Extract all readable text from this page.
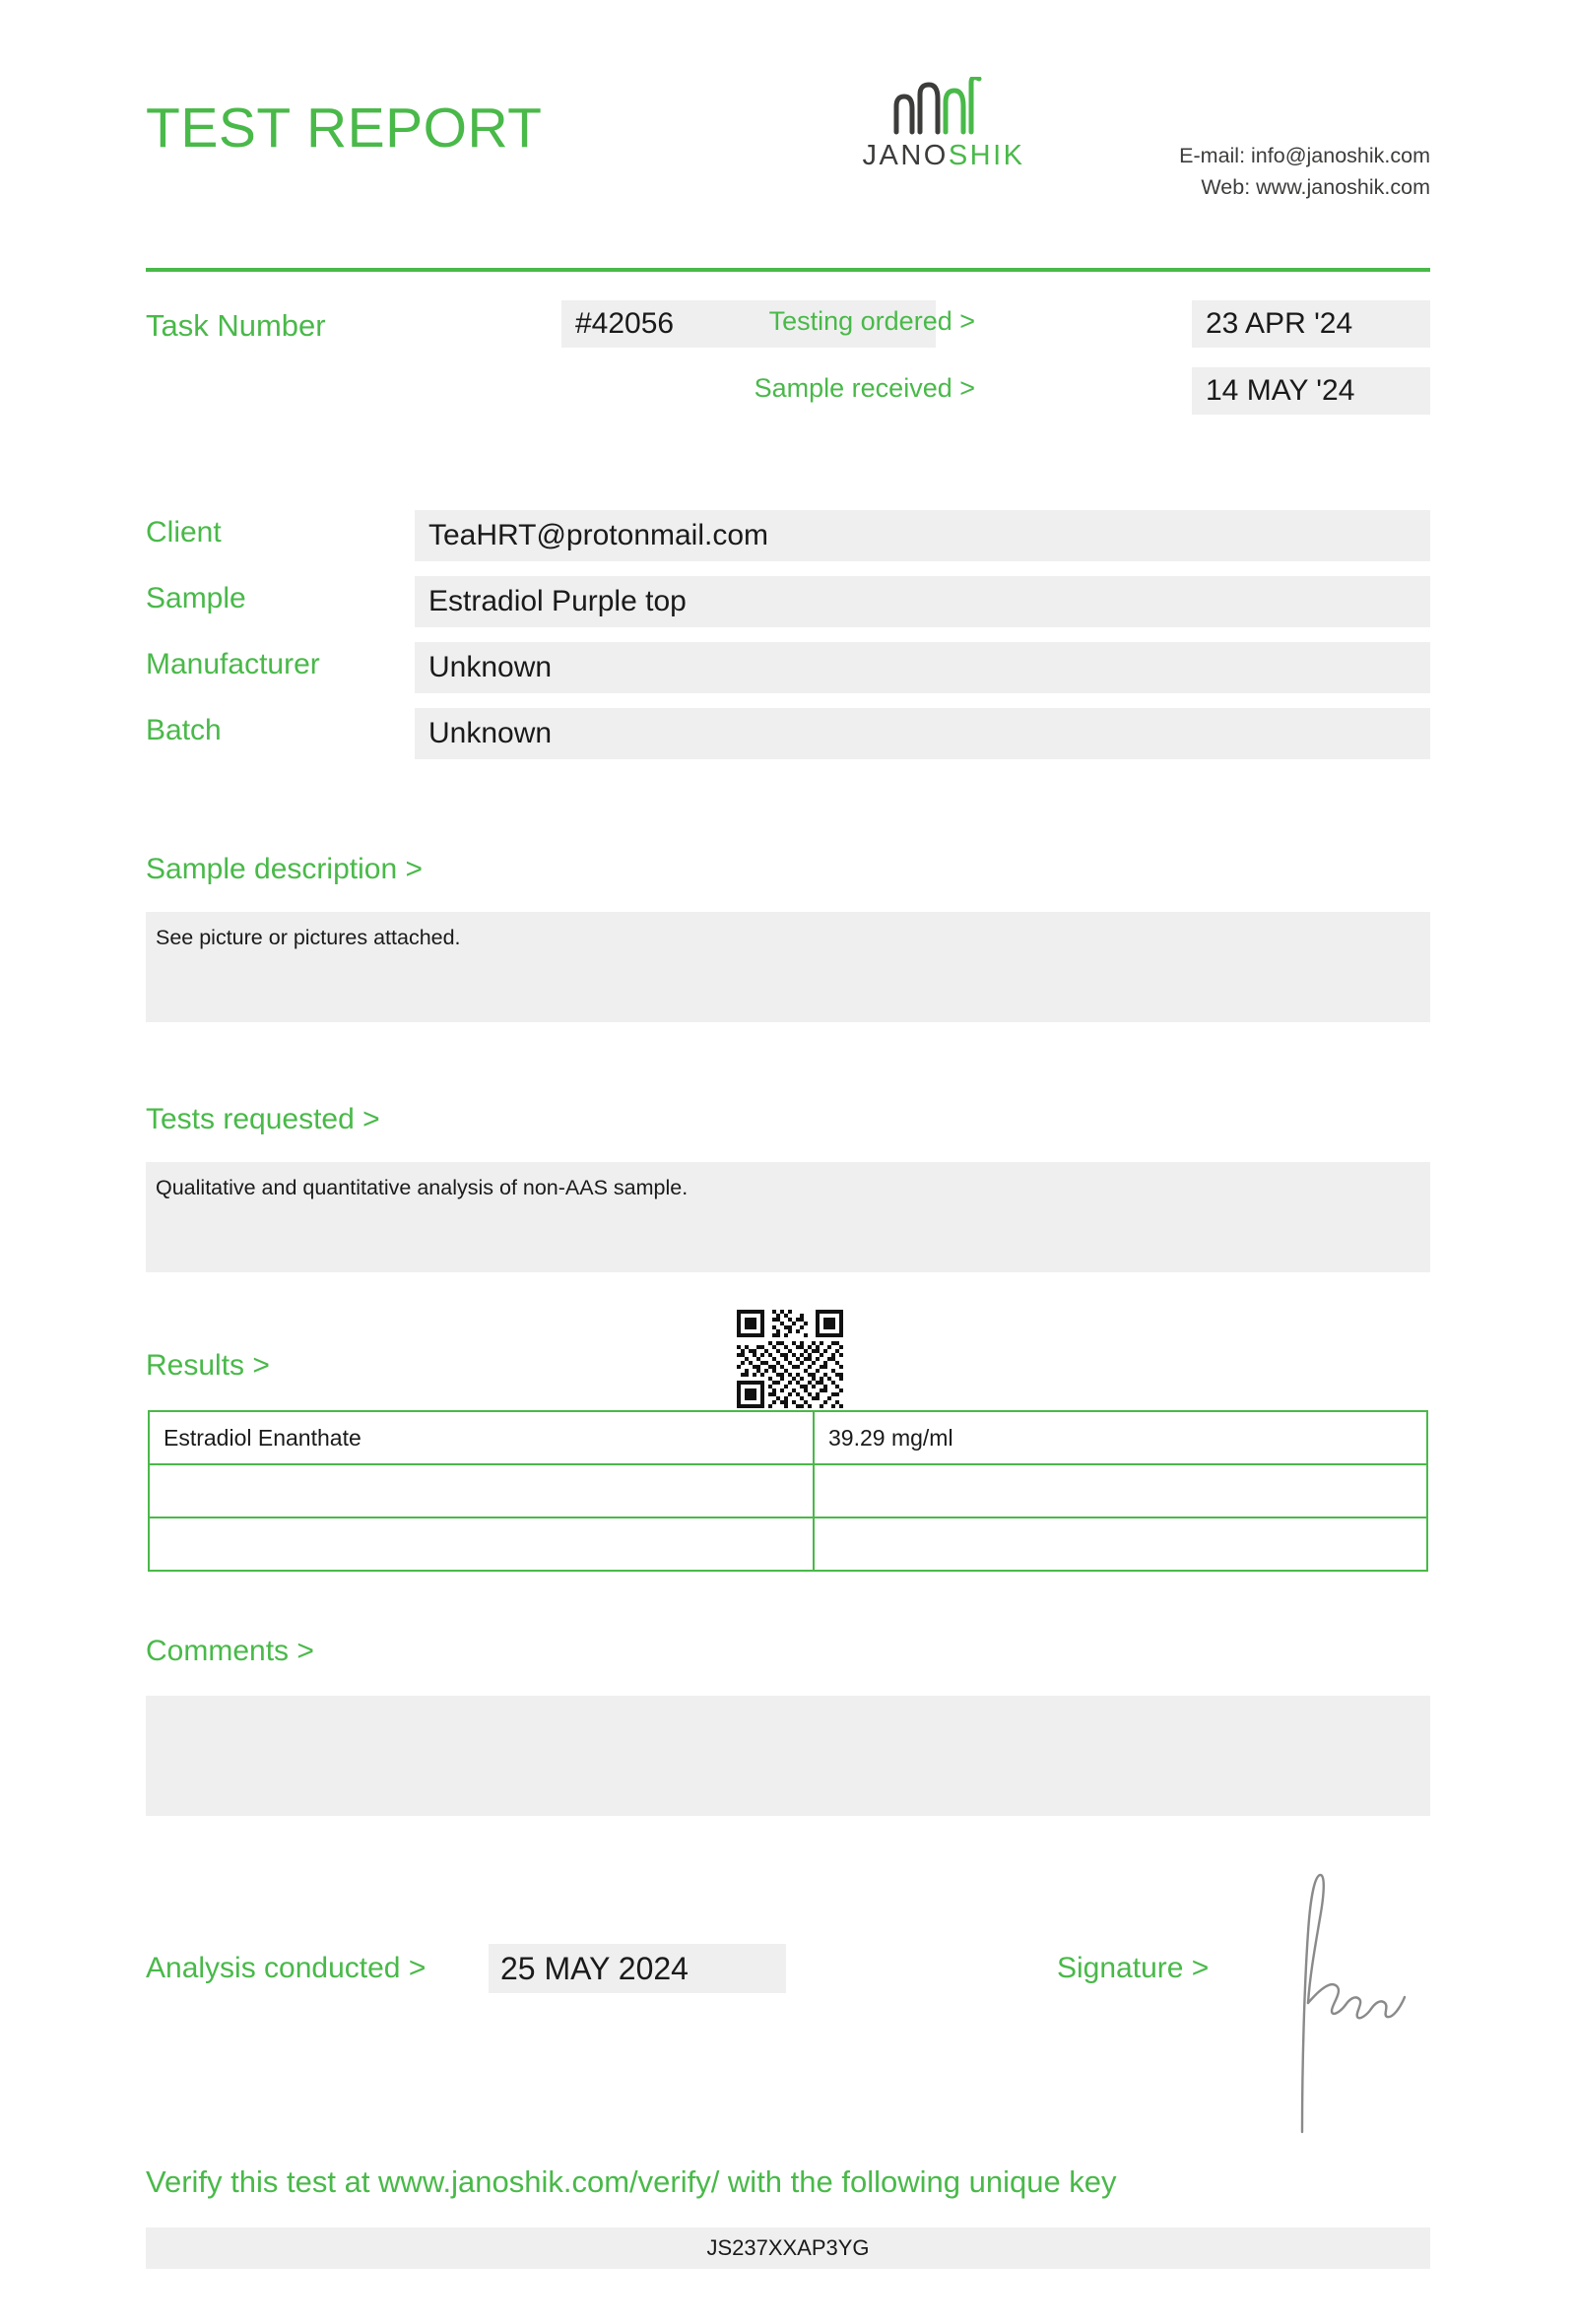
TEST REPORT	JANOSHIK	E-mail: info@janoshik.com
Web: www.janoshik.com
Task Number	#42056	Testing ordered >	23 APR '24
Sample received >	14 MAY '24
Client	TeaHRT@protonmail.com
Sample	Estradiol Purple top
Manufacturer	Unknown
Batch	Unknown
Sample description >
See picture or pictures attached.
Tests requested >
Qualitative and quantitative analysis of non-AAS sample.
Results >
Estradiol Enanthate	39.29 mg/ml

Comments >
Analysis conducted >	25 MAY 2024	Signature >
Verify this test at www.janoshik.com/verify/ with the following unique key
JS237XXAP3YG
